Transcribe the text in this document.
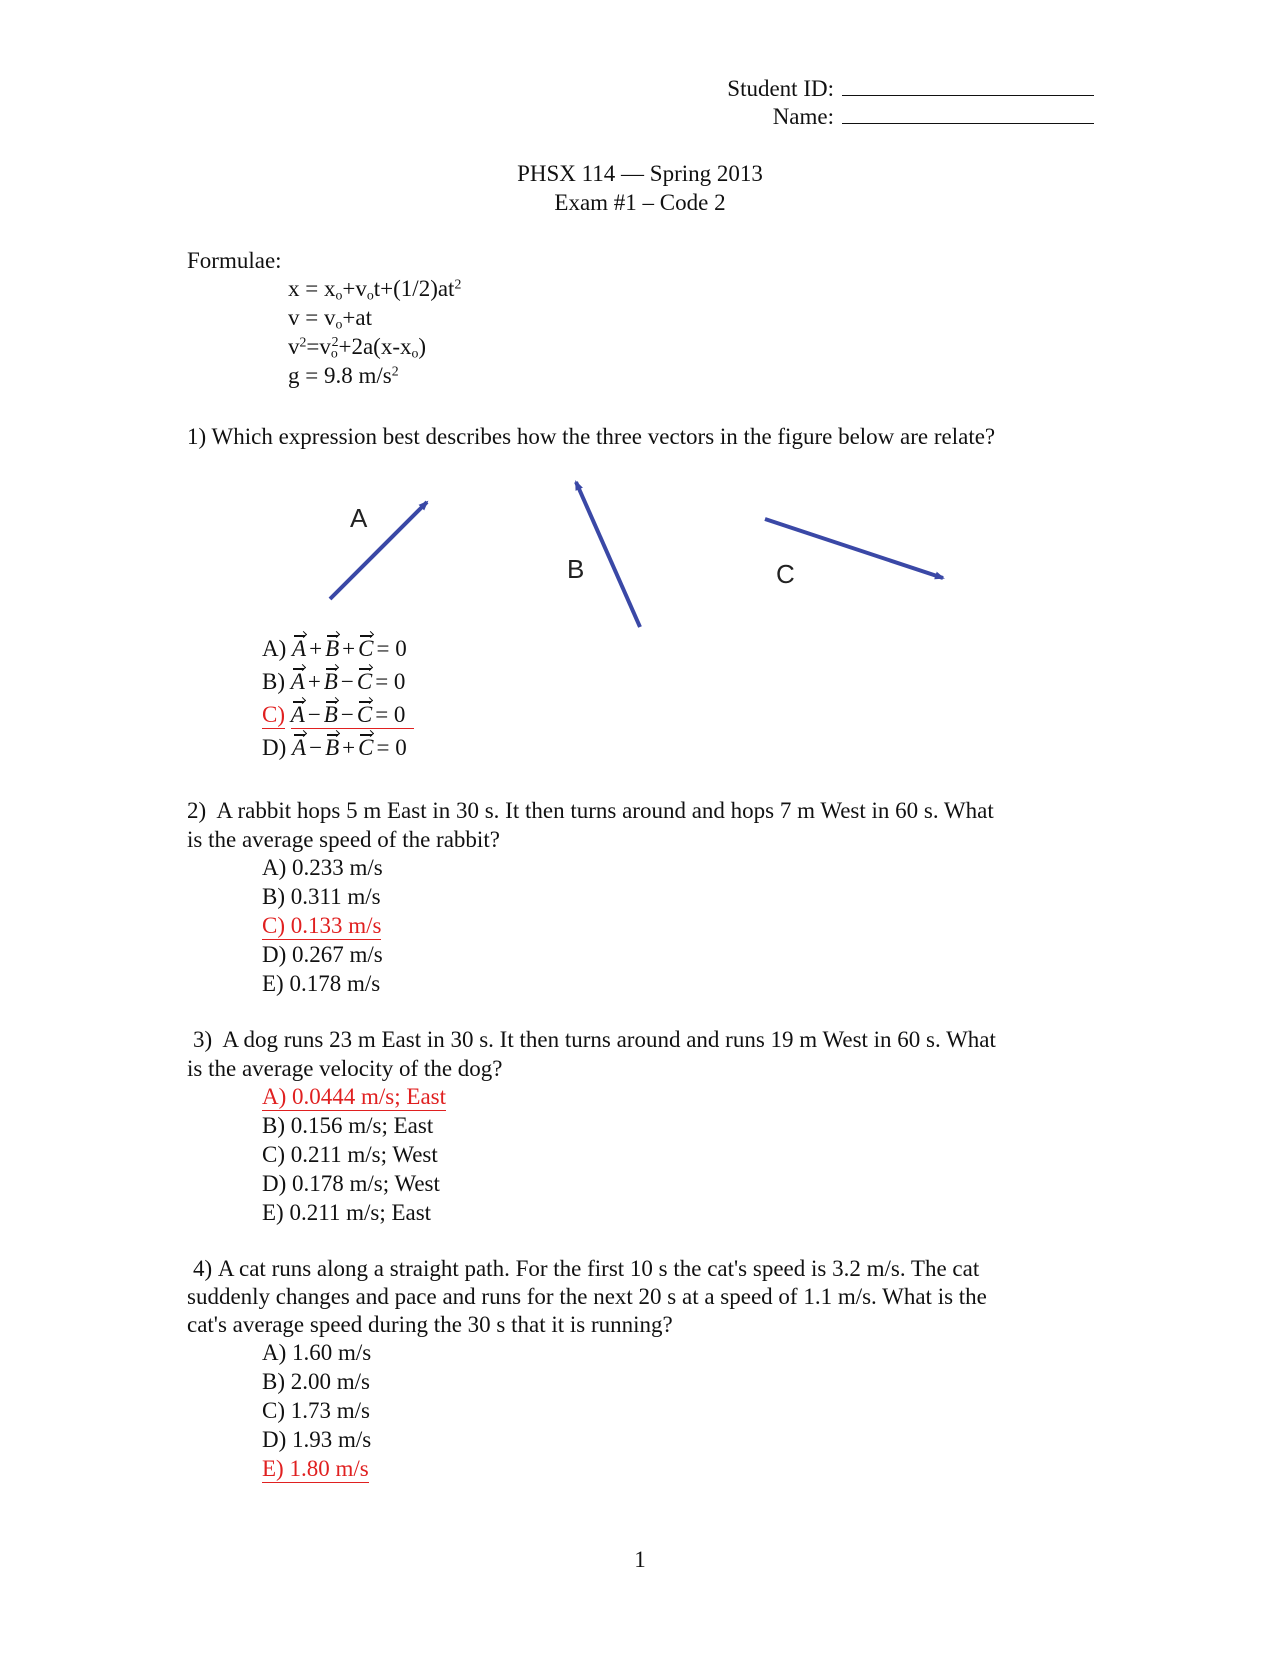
Student ID:
Name:
PHSX 114 — Spring 2013
Exam #1 – Code 2
Formulae:
$x = x_o+v_ot+(1/2)at^2$
$v = v_o+at$
$v^2=v_o^2+2a(x-x_o)$
g = 9.8 $m/s^2$
1) Which expression best describes how the three vectors in the figure below are relate?
A
B	C
A) A + B + C = 0
B) A + B − C = 0
C) A − B − C = 0
D) A − B + C = 0
2) A rabbit hops 5 m East in 30 s. It then turns around and hops 7 m West in 60 s. What
is the average speed of the rabbit?
A) 0.233 m/s
B) 0.311 m/s
C) 0.133 m/s
D) 0.267 m/s
E) 0.178 m/s
3) A dog runs 23 m East in 30 s. It then turns around and runs 19 m West in 60 s. What
is the average velocity of the dog?
A) 0.0444 m/s; East
B) 0.156 m/s; East
C) 0.211 m/s; West
D) 0.178 m/s; West
E) 0.211 m/s; East
4) A cat runs along a straight path. For the first 10 s the cat's speed is 3.2 m/s. The cat
suddenly changes and pace and runs for the next 20 s at a speed of 1.1 m/s. What is the
cat's average speed during the 30 s that it is running?
A) 1.60 m/s
B) 2.00 m/s
C) 1.73 m/s
D) 1.93 m/s
E) 1.80 m/s
1
